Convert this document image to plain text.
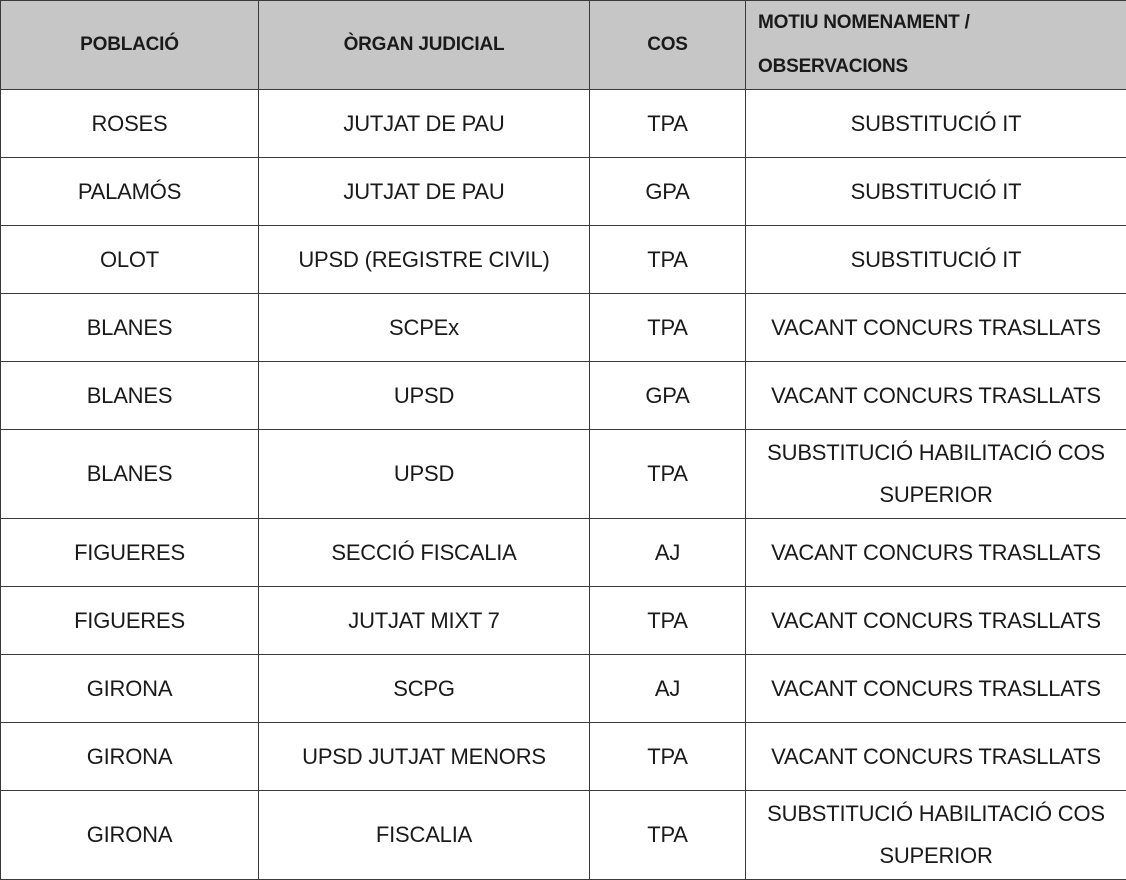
POBLACIÓ	ÒRGAN JUDICIAL	COS	MOTIU NOMENAMENT / OBSERVACIONS
ROSES	JUTJAT DE PAU	TPA	SUBSTITUCIÓ IT
PALAMÓS	JUTJAT DE PAU	GPA	SUBSTITUCIÓ IT
OLOT	UPSD (REGISTRE CIVIL)	TPA	SUBSTITUCIÓ IT
BLANES	SCPEx	TPA	VACANT CONCURS TRASLLATS
BLANES	UPSD	GPA	VACANT CONCURS TRASLLATS
BLANES	UPSD	TPA	SUBSTITUCIÓ HABILITACIÓ COS SUPERIOR
FIGUERES	SECCIÓ FISCALIA	AJ	VACANT CONCURS TRASLLATS
FIGUERES	JUTJAT MIXT 7	TPA	VACANT CONCURS TRASLLATS
GIRONA	SCPG	AJ	VACANT CONCURS TRASLLATS
GIRONA	UPSD JUTJAT MENORS	TPA	VACANT CONCURS TRASLLATS
GIRONA	FISCALIA	TPA	SUBSTITUCIÓ HABILITACIÓ COS SUPERIOR
